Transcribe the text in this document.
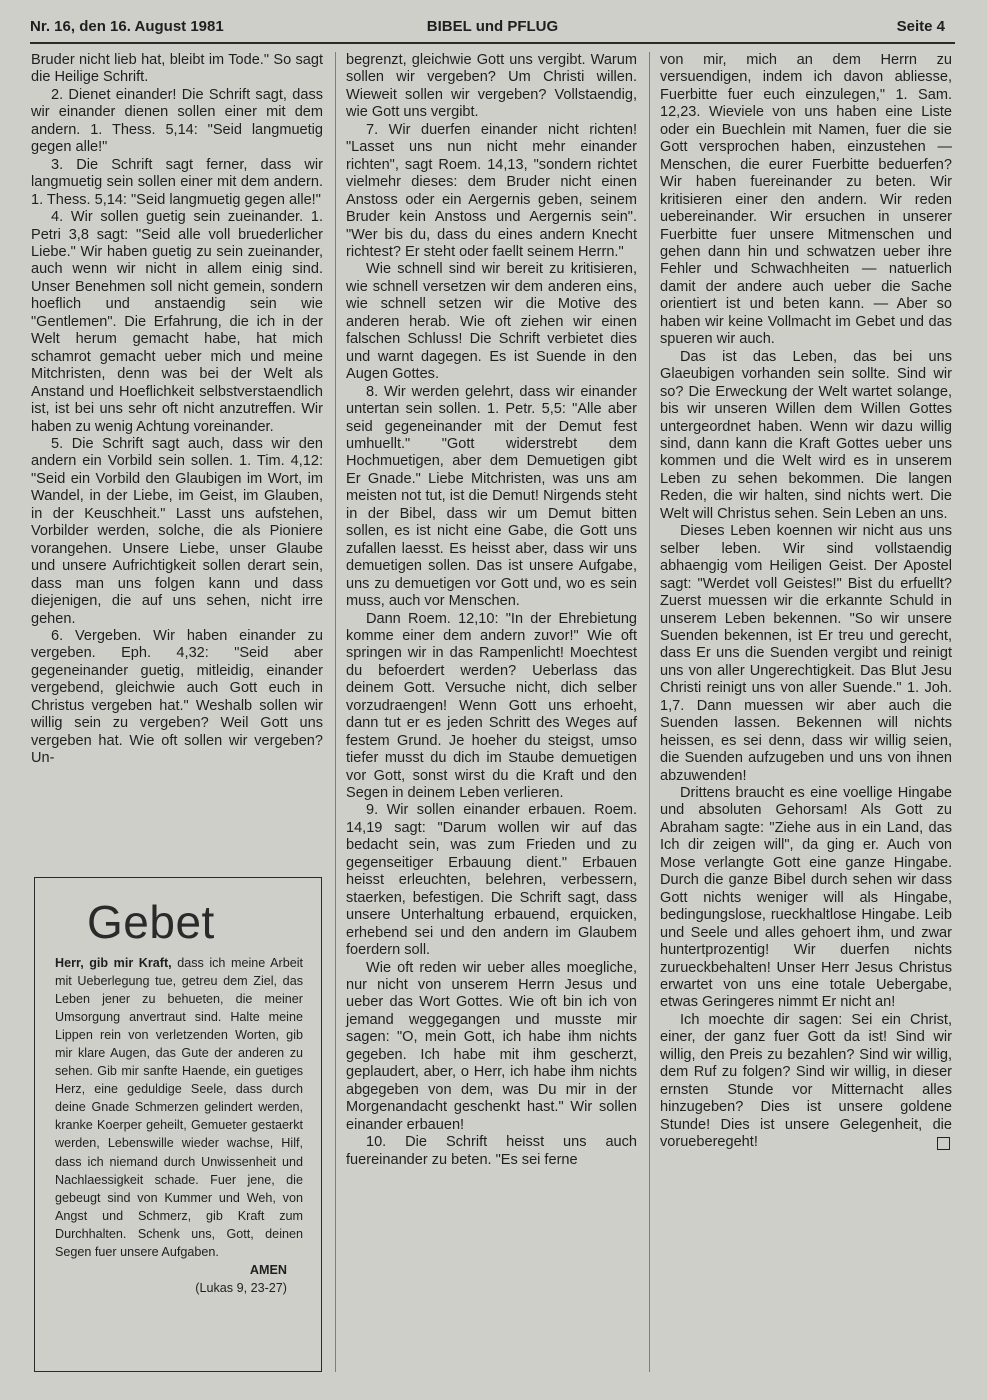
Nr. 16, den 16. August 1981	BIBEL und PFLUG	Seite 4

Bruder nicht lieb hat, bleibt im Tode." So sagt die Heilige Schrift.

2. Dienet einander! Die Schrift sagt, dass wir einander dienen sollen einer mit dem andern. 1. Thess. 5,14: "Seid langmuetig gegen alle!"

3. Die Schrift sagt ferner, dass wir langmuetig sein sollen einer mit dem andern. 1. Thess. 5,14: "Seid langmuetig gegen alle!"

4. Wir sollen guetig sein zueinander. 1. Petri 3,8 sagt: "Seid alle voll bruederlicher Liebe." Wir haben guetig zu sein zueinander, auch wenn wir nicht in allem einig sind. Unser Benehmen soll nicht gemein, sondern hoeflich und anstaendig sein wie "Gentlemen". Die Erfahrung, die ich in der Welt herum gemacht habe, hat mich schamrot gemacht ueber mich und meine Mitchristen, denn was bei der Welt als Anstand und Hoeflichkeit selbstverstaendlich ist, ist bei uns sehr oft nicht anzutreffen. Wir haben zu wenig Achtung voreinander.

5. Die Schrift sagt auch, dass wir den andern ein Vorbild sein sollen. 1. Tim. 4,12: "Seid ein Vorbild den Glaubigen im Wort, im Wandel, in der Liebe, im Geist, im Glauben, in der Keuschheit." Lasst uns aufstehen, Vorbilder werden, solche, die als Pioniere vorangehen. Unsere Liebe, unser Glaube und unsere Aufrichtigkeit sollen derart sein, dass man uns folgen kann und dass diejenigen, die auf uns sehen, nicht irre gehen.

6. Vergeben. Wir haben einander zu vergeben. Eph. 4,32: "Seid aber gegeneinander guetig, mitleidig, einander vergebend, gleichwie auch Gott euch in Christus vergeben hat." Weshalb sollen wir willig sein zu vergeben? Weil Gott uns vergeben hat. Wie oft sollen wir vergeben? Un-

Gebet
Herr, gib mir Kraft, dass ich meine Arbeit mit Ueberlegung tue, getreu dem Ziel, das Leben jener zu behueten, die meiner Umsorgung anvertraut sind. Halte meine Lippen rein von verletzenden Worten, gib mir klare Augen, das Gute der anderen zu sehen. Gib mir sanfte Haende, ein guetiges Herz, eine geduldige Seele, dass durch deine Gnade Schmerzen gelindert werden, kranke Koerper geheilt, Gemueter gestaerkt werden, Lebenswille wieder wachse, Hilf, dass ich niemand durch Unwissenheit und Nachlaessigkeit schade. Fuer jene, die gebeugt sind von Kummer und Weh, von Angst und Schmerz, gib Kraft zum Durchhalten. Schenk uns, Gott, deinen Segen fuer unsere Aufgaben.
AMEN
(Lukas 9, 23-27)

begrenzt, gleichwie Gott uns vergibt. Warum sollen wir vergeben? Um Christi willen. Wieweit sollen wir vergeben? Vollstaendig, wie Gott uns vergibt.

7. Wir duerfen einander nicht richten! "Lasset uns nun nicht mehr einander richten", sagt Roem. 14,13, "sondern richtet vielmehr dieses: dem Bruder nicht einen Anstoss oder ein Aergernis geben, seinem Bruder kein Anstoss und Aergernis sein". "Wer bis du, dass du eines andern Knecht richtest? Er steht oder faellt seinem Herrn."

Wie schnell sind wir bereit zu kritisieren, wie schnell versetzen wir dem anderen eins, wie schnell setzen wir die Motive des anderen herab. Wie oft ziehen wir einen falschen Schluss! Die Schrift verbietet dies und warnt dagegen. Es ist Suende in den Augen Gottes.

8. Wir werden gelehrt, dass wir einander untertan sein sollen. 1. Petr. 5,5: "Alle aber seid gegeneinander mit der Demut fest umhuellt." "Gott widerstrebt dem Hochmuetigen, aber dem Demuetigen gibt Er Gnade." Liebe Mitchristen, was uns am meisten not tut, ist die Demut! Nirgends steht in der Bibel, dass wir um Demut bitten sollen, es ist nicht eine Gabe, die Gott uns zufallen laesst. Es heisst aber, dass wir uns demuetigen sollen. Das ist unsere Aufgabe, uns zu demuetigen vor Gott und, wo es sein muss, auch vor Menschen.

Dann Roem. 12,10: "In der Ehrebietung komme einer dem andern zuvor!" Wie oft springen wir in das Rampenlicht! Moechtest du befoerdert werden? Ueberlass das deinem Gott. Versuche nicht, dich selber vorzudraengen! Wenn Gott uns erhoeht, dann tut er es jeden Schritt des Weges auf festem Grund. Je hoeher du steigst, umso tiefer musst du dich im Staube demuetigen vor Gott, sonst wirst du die Kraft und den Segen in deinem Leben verlieren.

9. Wir sollen einander erbauen. Roem. 14,19 sagt: "Darum wollen wir auf das bedacht sein, was zum Frieden und zu gegenseitiger Erbauung dient." Erbauen heisst erleuchten, belehren, verbessern, staerken, befestigen. Die Schrift sagt, dass unsere Unterhaltung erbauend, erquicken, erhebend sei und den andern im Glaubem foerdern soll.

Wie oft reden wir ueber alles moegliche, nur nicht von unserem Herrn Jesus und ueber das Wort Gottes. Wie oft bin ich von jemand weggegangen und musste mir sagen: "O, mein Gott, ich habe ihm nichts gegeben. Ich habe mit ihm gescherzt, geplaudert, aber, o Herr, ich habe ihm nichts abgegeben von dem, was Du mir in der Morgenandacht geschenkt hast." Wir sollen einander erbauen!

10. Die Schrift heisst uns auch fuereinander zu beten. "Es sei ferne

von mir, mich an dem Herrn zu versuendigen, indem ich davon abliesse, Fuerbitte fuer euch einzulegen," 1. Sam. 12,23. Wieviele von uns haben eine Liste oder ein Buechlein mit Namen, fuer die sie Gott versprochen haben, einzustehen — Menschen, die eurer Fuerbitte beduerfen? Wir haben fuereinander zu beten. Wir kritisieren einer den andern. Wir reden uebereinander. Wir ersuchen in unserer Fuerbitte fuer unsere Mitmenschen und gehen dann hin und schwatzen ueber ihre Fehler und Schwachheiten — natuerlich damit der andere auch ueber die Sache orientiert ist und beten kann. — Aber so haben wir keine Vollmacht im Gebet und das spueren wir auch.

Das ist das Leben, das bei uns Glaeubigen vorhanden sein sollte. Sind wir so? Die Erweckung der Welt wartet solange, bis wir unseren Willen dem Willen Gottes untergeordnet haben. Wenn wir dazu willig sind, dann kann die Kraft Gottes ueber uns kommen und die Welt wird es in unserem Leben zu sehen bekommen. Die langen Reden, die wir halten, sind nichts wert. Die Welt will Christus sehen. Sein Leben an uns.

Dieses Leben koennen wir nicht aus uns selber leben. Wir sind vollstaendig abhaengig vom Heiligen Geist. Der Apostel sagt: "Werdet voll Geistes!" Bist du erfuellt? Zuerst muessen wir die erkannte Schuld in unserem Leben bekennen. "So wir unsere Suenden bekennen, ist Er treu und gerecht, dass Er uns die Suenden vergibt und reinigt uns von aller Ungerechtigkeit. Das Blut Jesu Christi reinigt uns von aller Suende." 1. Joh. 1,7. Dann muessen wir aber auch die Suenden lassen. Bekennen will nichts heissen, es sei denn, dass wir willig seien, die Suenden aufzugeben und uns von ihnen abzuwenden!

Drittens braucht es eine voellige Hingabe und absoluten Gehorsam! Als Gott zu Abraham sagte: "Ziehe aus in ein Land, das Ich dir zeigen will", da ging er. Auch von Mose verlangte Gott eine ganze Hingabe. Durch die ganze Bibel durch sehen wir dass Gott nichts weniger will als Hingabe, bedingungslose, rueckhaltlose Hingabe. Leib und Seele und alles gehoert ihm, und zwar huntertprozentig! Wir duerfen nichts zurueckbehalten! Unser Herr Jesus Christus erwartet von uns eine totale Uebergabe, etwas Geringeres nimmt Er nicht an!

Ich moechte dir sagen: Sei ein Christ, einer, der ganz fuer Gott da ist! Sind wir willig, den Preis zu bezahlen? Sind wir willig, dem Ruf zu folgen? Sind wir willig, in dieser ernsten Stunde vor Mitternacht alles hinzugeben? Dies ist unsere goldene Stunde! Dies ist unsere Gelegenheit, die vorueberegeht!
